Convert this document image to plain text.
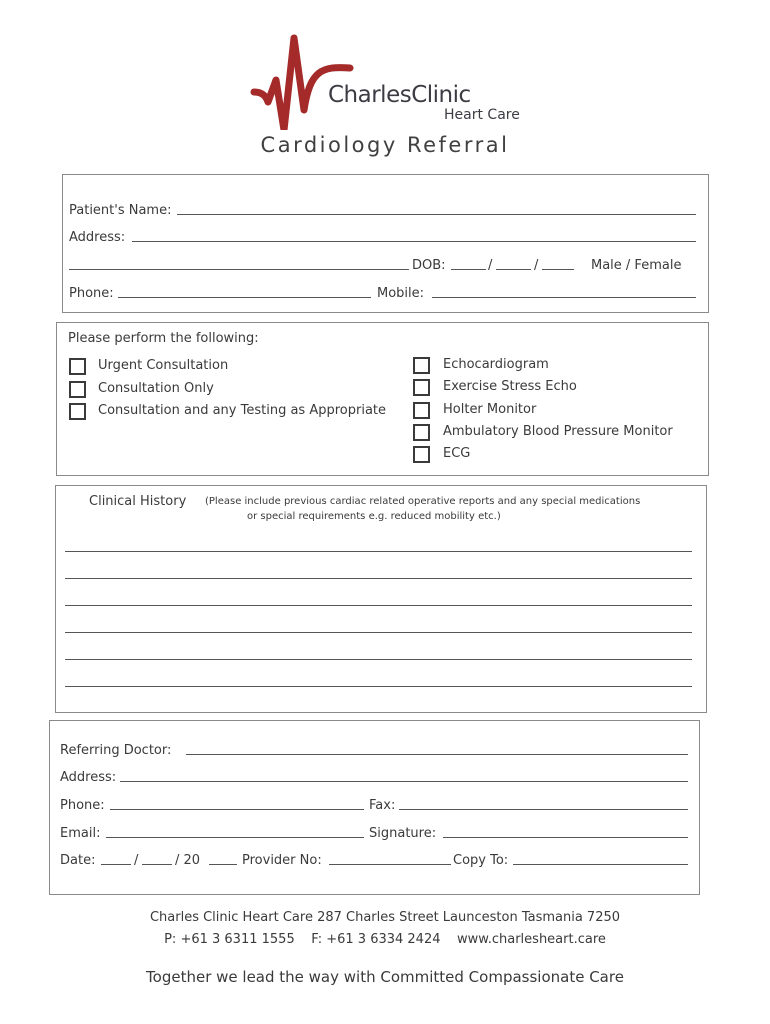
CharlesClinic
Heart Care
Cardiology Referral
Patient's Name:
Address:
DOB:	/	/	Male / Female
Phone:	Mobile:
Please perform the following:
Urgent Consultation
Consultation Only
Consultation and any Testing as Appropriate
Echocardiogram
Exercise Stress Echo
Holter Monitor
Ambulatory Blood Pressure Monitor
ECG
Clinical History (Please include previous cardiac related operative reports and any special medications
or special requirements e.g. reduced mobility etc.)
Referring Doctor:
Address:
Phone:	Fax:
Email:	Signature:
Date:	/	/ 20	Provider No:	Copy To:
Charles Clinic Heart Care 287 Charles Street Launceston Tasmania 7250
P: +61 3 6311 1555    F: +61 3 6334 2424    www.charlesheart.care
Together we lead the way with Committed Compassionate Care
